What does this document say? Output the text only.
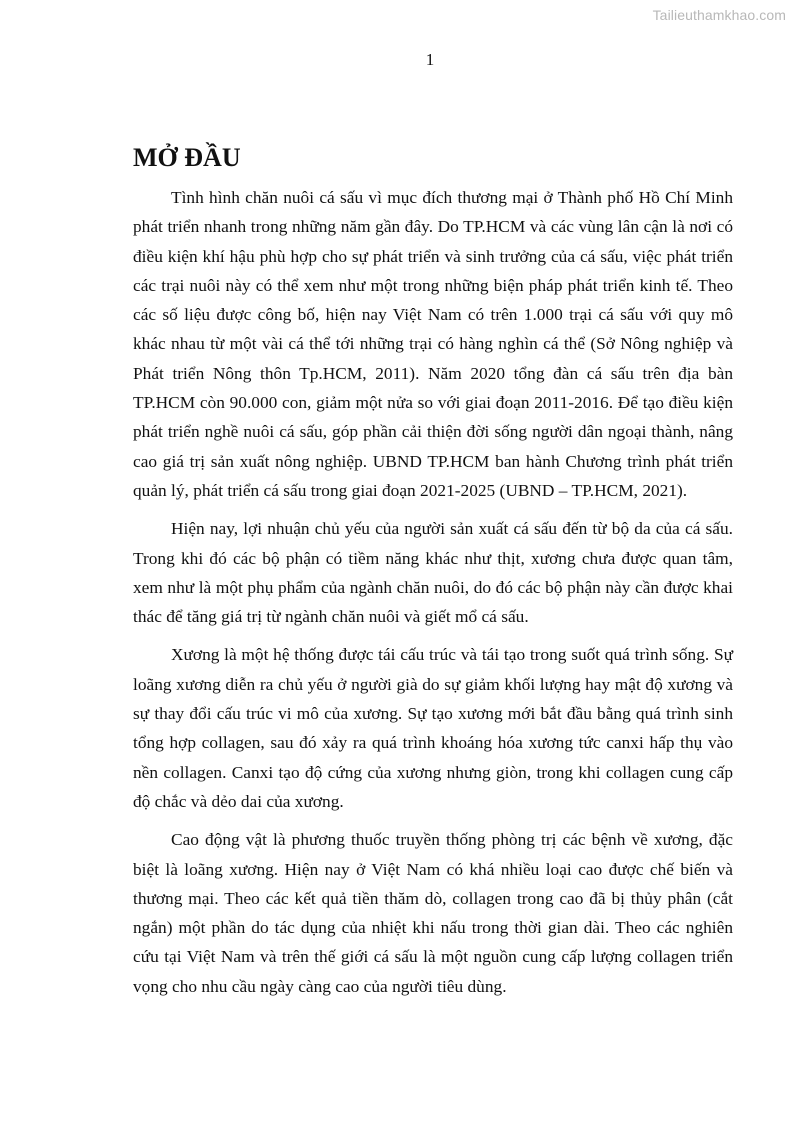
Tailieuthamkhao.com
1
MỞ ĐẦU

Tình hình chăn nuôi cá sấu vì mục đích thương mại ở Thành phố Hồ Chí Minh phát triển nhanh trong những năm gần đây. Do TP.HCM và các vùng lân cận là nơi có điều kiện khí hậu phù hợp cho sự phát triển và sinh trưởng của cá sấu, việc phát triển các trại nuôi này có thể xem như một trong những biện pháp phát triển kinh tế. Theo các số liệu được công bố, hiện nay Việt Nam có trên 1.000 trại cá sấu với quy mô khác nhau từ một vài cá thể tới những trại có hàng nghìn cá thể (Sở Nông nghiệp và Phát triển Nông thôn Tp.HCM, 2011). Năm 2020 tổng đàn cá sấu trên địa bàn TP.HCM còn 90.000 con, giảm một nửa so với giai đoạn 2011-2016. Để tạo điều kiện phát triển nghề nuôi cá sấu, góp phần cải thiện đời sống người dân ngoại thành, nâng cao giá trị sản xuất nông nghiệp. UBND TP.HCM ban hành Chương trình phát triển quản lý, phát triển cá sấu trong giai đoạn 2021-2025 (UBND – TP.HCM, 2021).

Hiện nay, lợi nhuận chủ yếu của người sản xuất cá sấu đến từ bộ da của cá sấu. Trong khi đó các bộ phận có tiềm năng khác như thịt, xương chưa được quan tâm, xem như là một phụ phẩm của ngành chăn nuôi, do đó các bộ phận này cần được khai thác để tăng giá trị từ ngành chăn nuôi và giết mổ cá sấu.

Xương là một hệ thống được tái cấu trúc và tái tạo trong suốt quá trình sống. Sự loãng xương diễn ra chủ yếu ở người già do sự giảm khối lượng hay mật độ xương và sự thay đổi cấu trúc vi mô của xương. Sự tạo xương mới bắt đầu bằng quá trình sinh tổng hợp collagen, sau đó xảy ra quá trình khoáng hóa xương tức canxi hấp thụ vào nền collagen. Canxi tạo độ cứng của xương nhưng giòn, trong khi collagen cung cấp độ chắc và dẻo dai của xương.

Cao động vật là phương thuốc truyền thống phòng trị các bệnh về xương, đặc biệt là loãng xương. Hiện nay ở Việt Nam có khá nhiều loại cao được chế biến và thương mại. Theo các kết quả tiền thăm dò, collagen trong cao đã bị thủy phân (cắt ngắn) một phần do tác dụng của nhiệt khi nấu trong thời gian dài. Theo các nghiên cứu tại Việt Nam và trên thế giới cá sấu là một nguồn cung cấp lượng collagen triển vọng cho nhu cầu ngày càng cao của người tiêu dùng.
